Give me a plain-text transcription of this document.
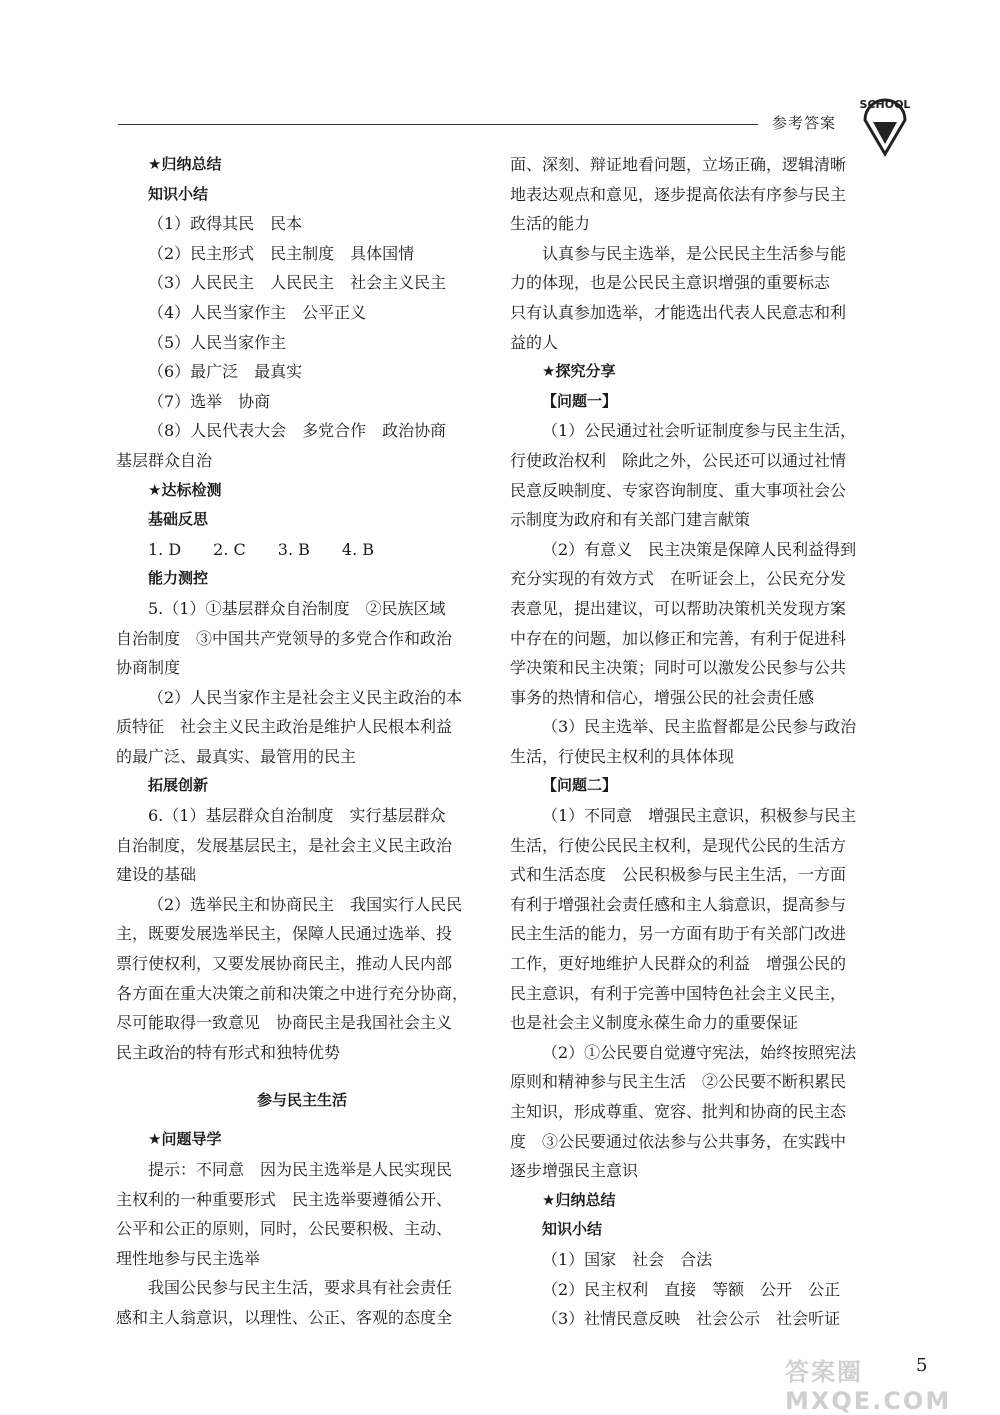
参考答案
SCHOOL
★归纳总结
知识小结
（1）政得其民　民本
（2）民主形式　民主制度　具体国情
（3）人民民主　人民民主　社会主义民主
（4）人民当家作主　公平正义
（5）人民当家作主
（6）最广泛　最真实
（7）选举　协商
（8）人民代表大会　多党合作　政治协商
基层群众自治
★达标检测
基础反思
1. D　　2. C　　3. B　　4. B
能力测控
5.（1）①基层群众自治制度　②民族区域
自治制度　③中国共产党领导的多党合作和政治
协商制度
（2）人民当家作主是社会主义民主政治的本
质特征　社会主义民主政治是维护人民根本利益
的最广泛、最真实、最管用的民主
拓展创新
6.（1）基层群众自治制度　实行基层群众
自治制度，发展基层民主，是社会主义民主政治
建设的基础
（2）选举民主和协商民主　我国实行人民民
主，既要发展选举民主，保障人民通过选举、投
票行使权利，又要发展协商民主，推动人民内部
各方面在重大决策之前和决策之中进行充分协商，
尽可能取得一致意见　协商民主是我国社会主义
民主政治的特有形式和独特优势
参与民主生活
★问题导学
提示：不同意　因为民主选举是人民实现民
主权利的一种重要形式　民主选举要遵循公开、
公平和公正的原则，同时，公民要积极、主动、
理性地参与民主选举
我国公民参与民主生活，要求具有社会责任
感和主人翁意识，以理性、公正、客观的态度全
面、深刻、辩证地看问题，立场正确，逻辑清晰
地表达观点和意见，逐步提高依法有序参与民主
生活的能力
认真参与民主选举，是公民民主生活参与能
力的体现，也是公民民主意识增强的重要标志
只有认真参加选举，才能选出代表人民意志和利
益的人
★探究分享
【问题一】
（1）公民通过社会听证制度参与民主生活，
行使政治权利　除此之外，公民还可以通过社情
民意反映制度、专家咨询制度、重大事项社会公
示制度为政府和有关部门建言献策
（2）有意义　民主决策是保障人民利益得到
充分实现的有效方式　在听证会上，公民充分发
表意见，提出建议，可以帮助决策机关发现方案
中存在的问题，加以修正和完善，有利于促进科
学决策和民主决策；同时可以激发公民参与公共
事务的热情和信心，增强公民的社会责任感
（3）民主选举、民主监督都是公民参与政治
生活，行使民主权利的具体体现
【问题二】
（1）不同意　增强民主意识，积极参与民主
生活，行使公民民主权利，是现代公民的生活方
式和生活态度　公民积极参与民主生活，一方面
有利于增强社会责任感和主人翁意识，提高参与
民主生活的能力，另一方面有助于有关部门改进
工作，更好地维护人民群众的利益　增强公民的
民主意识，有利于完善中国特色社会主义民主，
也是社会主义制度永葆生命力的重要保证
（2）①公民要自觉遵守宪法，始终按照宪法
原则和精神参与民主生活　②公民要不断积累民
主知识，形成尊重、宽容、批判和协商的民主态
度　③公民要通过依法参与公共事务，在实践中
逐步增强民主意识
★归纳总结
知识小结
（1）国家　社会　合法
（2）民主权利　直接　等额　公开　公正
（3）社情民意反映　社会公示　社会听证
答案圈 MXQE.COM
5
